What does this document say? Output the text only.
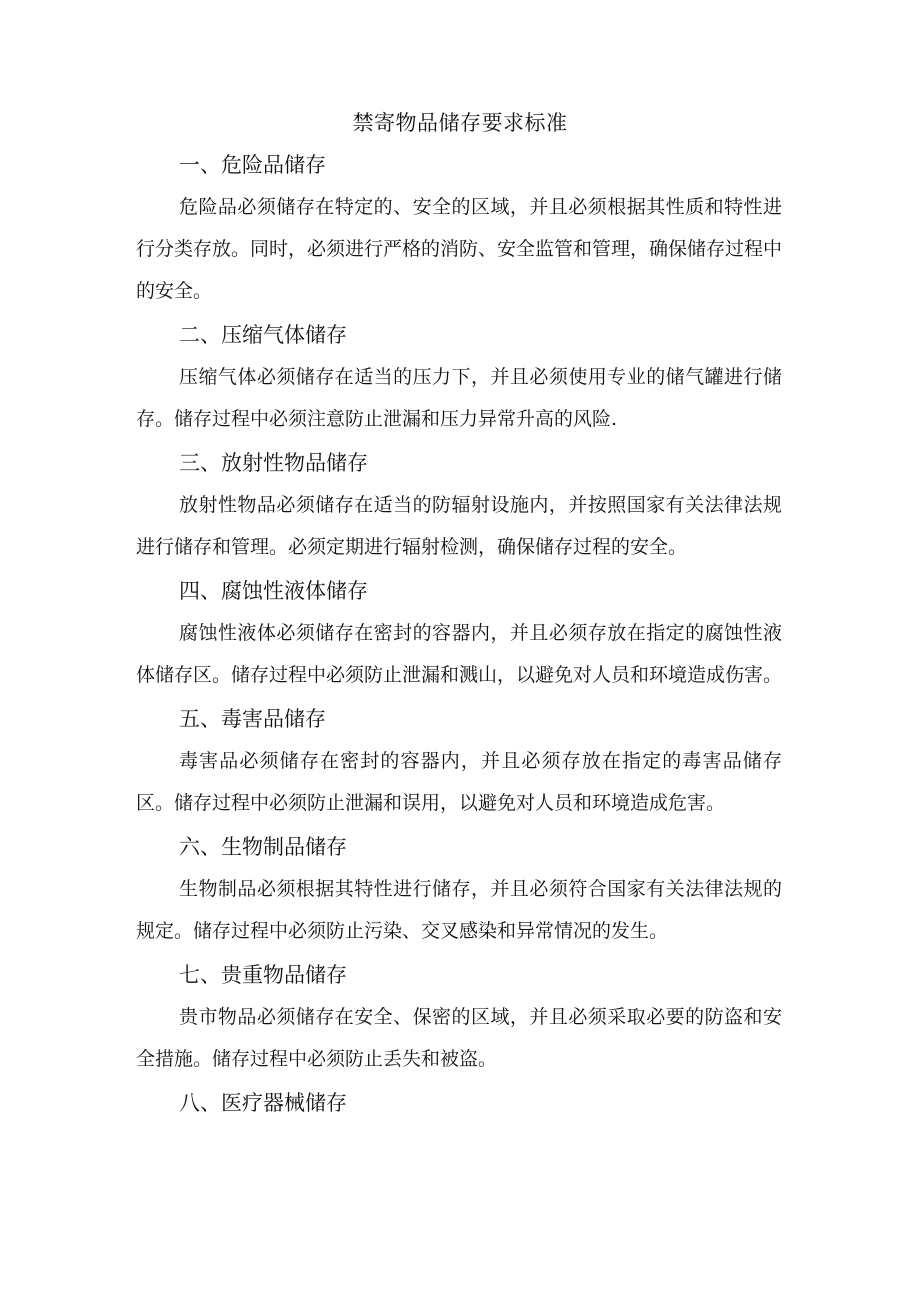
禁寄物品储存要求标准
一、危险品储存

危险品必须储存在特定的、安全的区域，并且必须根据其性质和特性进行分类存放。同时，必须进行严格的消防、安全监管和管理，确保储存过程中的安全。

二、压缩气体储存

压缩气体必须储存在适当的压力下，并且必须使用专业的储气罐进行储存。储存过程中必须注意防止泄漏和压力异常升高的风险.

三、放射性物品储存

放射性物品必须储存在适当的防辐射设施内，并按照国家有关法律法规进行储存和管理。必须定期进行辐射检测，确保储存过程的安全。

四、腐蚀性液体储存

腐蚀性液体必须储存在密封的容器内，并且必须存放在指定的腐蚀性液体储存区。储存过程中必须防止泄漏和溅山，以避免对人员和环境造成伤害。

五、毒害品储存

毒害品必须储存在密封的容器内，并且必须存放在指定的毒害品储存区。储存过程中必须防止泄漏和误用，以避免对人员和环境造成危害。

六、生物制品储存

生物制品必须根据其特性进行储存，并且必须符合国家有关法律法规的规定。储存过程中必须防止污染、交叉感染和异常情况的发生。

七、贵重物品储存

贵市物品必须储存在安全、保密的区域，并且必须采取必要的防盗和安全措施。储存过程中必须防止丢失和被盗。

八、医疗器械储存
